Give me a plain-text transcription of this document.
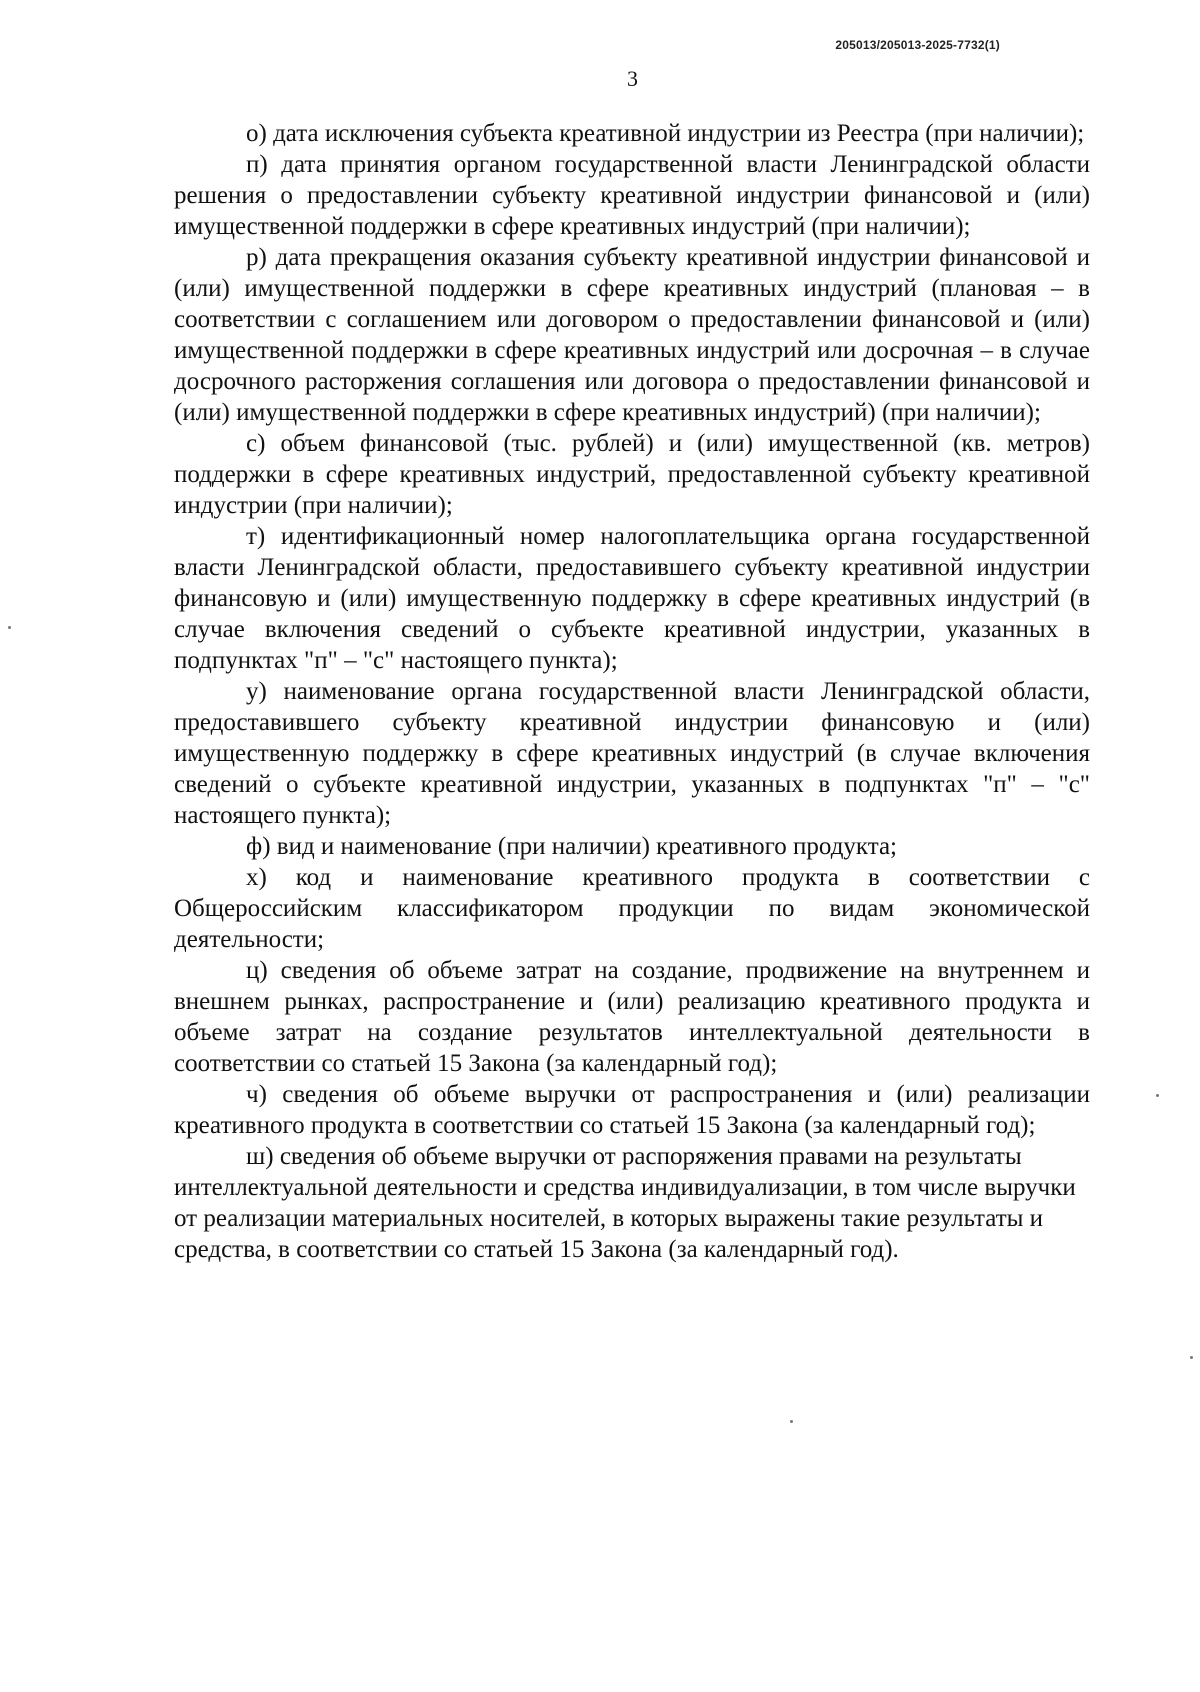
205013/205013-2025-7732(1)
3

о) дата исключения субъекта креативной индустрии из Реестра (при наличии);

п) дата принятия органом государственной власти Ленинградской области решения о предоставлении субъекту креативной индустрии финансовой и (или) имущественной поддержки в сфере креативных индустрий (при наличии);

р) дата прекращения оказания субъекту креативной индустрии финансовой и (или) имущественной поддержки в сфере креативных индустрий (плановая – в соответствии с соглашением или договором о предоставлении финансовой и (или) имущественной поддержки в сфере креативных индустрий или досрочная – в случае досрочного расторжения соглашения или договора о предоставлении финансовой и (или) имущественной поддержки в сфере креативных индустрий) (при наличии);

с) объем финансовой (тыс. рублей) и (или) имущественной (кв. метров) поддержки в сфере креативных индустрий, предоставленной субъекту креативной индустрии (при наличии);

т) идентификационный номер налогоплательщика органа государственной власти Ленинградской области, предоставившего субъекту креативной индустрии финансовую и (или) имущественную поддержку в сфере креативных индустрий (в случае включения сведений о субъекте креативной индустрии, указанных в подпунктах "п" – "с" настоящего пункта);

у) наименование органа государственной власти Ленинградской области, предоставившего субъекту креативной индустрии финансовую и (или) имущественную поддержку в сфере креативных индустрий (в случае включения сведений о субъекте креативной индустрии, указанных в подпунктах "п" – "с" настоящего пункта);

ф) вид и наименование (при наличии) креативного продукта;

х) код и наименование креативного продукта в соответствии с Общероссийским классификатором продукции по видам экономической деятельности;

ц) сведения об объеме затрат на создание, продвижение на внутреннем и внешнем рынках, распространение и (или) реализацию креативного продукта и объеме затрат на создание результатов интеллектуальной деятельности в соответствии со статьей 15 Закона (за календарный год);

ч) сведения об объеме выручки от распространения и (или) реализации креативного продукта в соответствии со статьей 15 Закона (за календарный год);

ш) сведения об объеме выручки от распоряжения правами на результаты интеллектуальной деятельности и средства индивидуализации, в том числе выручки от реализации материальных носителей, в которых выражены такие результаты и средства, в соответствии со статьей 15 Закона (за календарный год).
